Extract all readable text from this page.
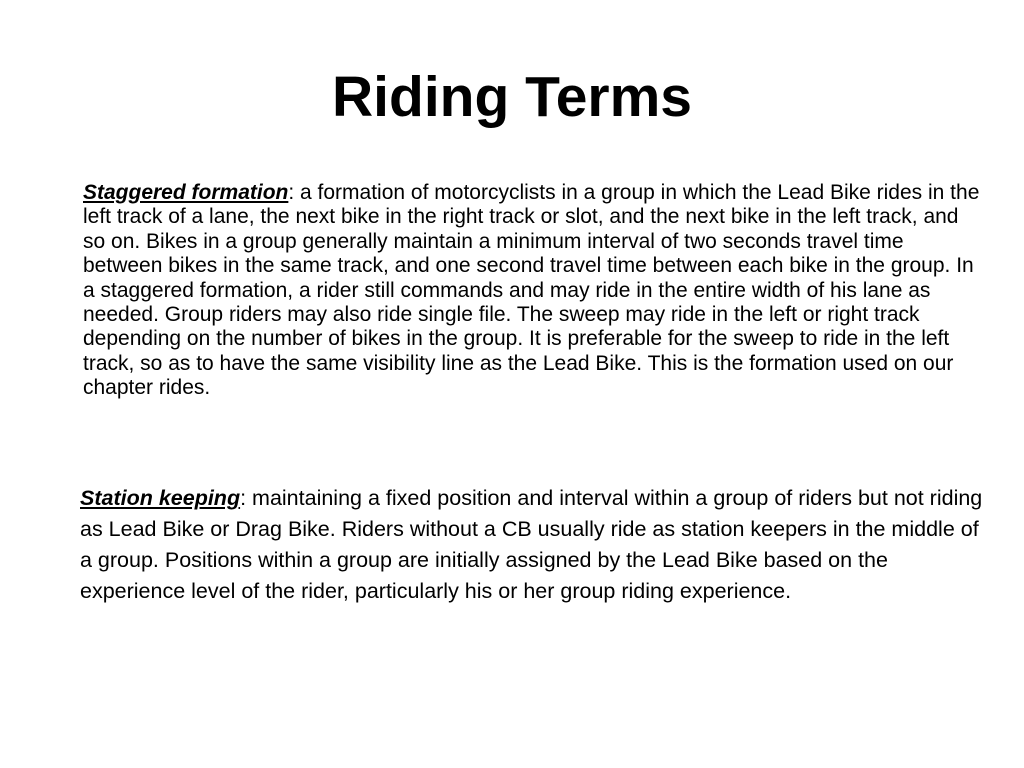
Riding Terms

Staggered formation: a formation of motorcyclists in a group in which the Lead Bike rides in the left track of a lane, the next bike in the right track or slot, and the next bike in the left track, and so on. Bikes in a group generally maintain a minimum interval of two seconds travel time between bikes in the same track, and one second travel time between each bike in the group. In a staggered formation, a rider still commands and may ride in the entire width of his lane as needed. Group riders may also ride single file. The sweep may ride in the left or right track depending on the number of bikes in the group. It is preferable for the sweep to ride in the left track, so as to have the same visibility line as the Lead Bike. This is the formation used on our chapter rides.

Station keeping: maintaining a fixed position and interval within a group of riders but not riding as Lead Bike or Drag Bike. Riders without a CB usually ride as station keepers in the middle of a group. Positions within a group are initially assigned by the Lead Bike based on the experience level of the rider, particularly his or her group riding experience.
